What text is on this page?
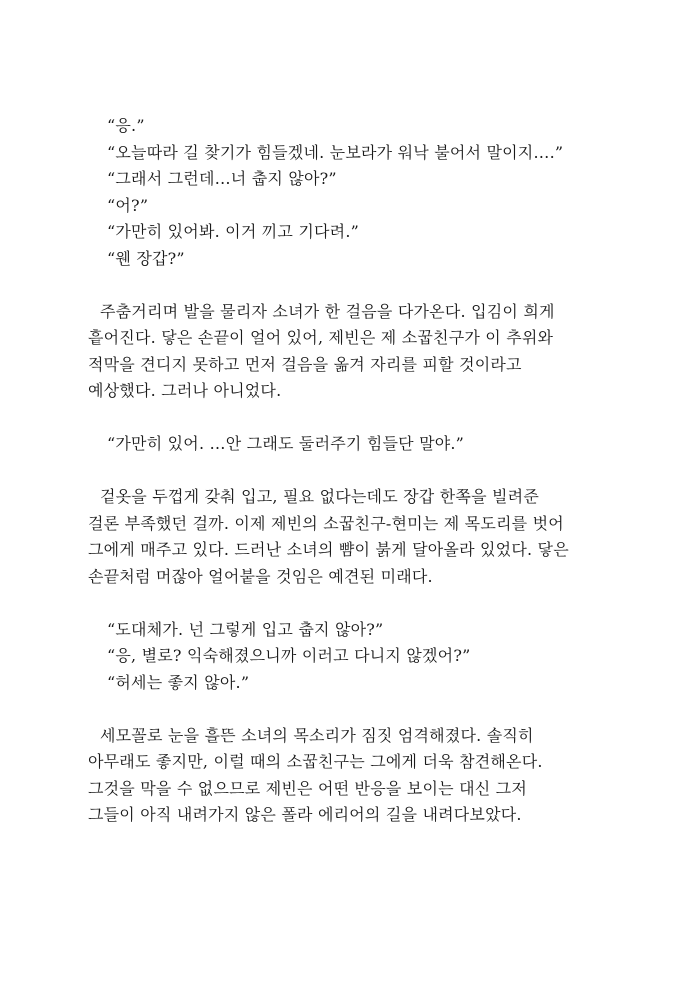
“응.”
“오늘따라 길 찾기가 힘들겠네. 눈보라가 워낙 불어서 말이지….”
“그래서 그런데…너 춥지 않아?”
“어?”
“가만히 있어봐. 이거 끼고 기다려.”
“웬 장갑?”
주춤거리며 발을 물리자 소녀가 한 걸음을 다가온다. 입김이 희게
흩어진다. 닿은 손끝이 얼어 있어, 제빈은 제 소꿉친구가 이 추위와
적막을 견디지 못하고 먼저 걸음을 옮겨 자리를 피할 것이라고
예상했다. 그러나 아니었다.
“가만히 있어. …안 그래도 둘러주기 힘들단 말야.”
겉옷을 두껍게 갖춰 입고, 필요 없다는데도 장갑 한쪽을 빌려준
걸론 부족했던 걸까. 이제 제빈의 소꿉친구-현미는 제 목도리를 벗어
그에게 매주고 있다. 드러난 소녀의 뺨이 붉게 달아올라 있었다. 닿은
손끝처럼 머잖아 얼어붙을 것임은 예견된 미래다.
“도대체가. 넌 그렇게 입고 춥지 않아?”
“응, 별로? 익숙해졌으니까 이러고 다니지 않겠어?”
“허세는 좋지 않아.”
세모꼴로 눈을 흘뜬 소녀의 목소리가 짐짓 엄격해졌다. 솔직히
아무래도 좋지만, 이럴 때의 소꿉친구는 그에게 더욱 참견해온다.
그것을 막을 수 없으므로 제빈은 어떤 반응을 보이는 대신 그저
그들이 아직 내려가지 않은 폴라 에리어의 길을 내려다보았다.
